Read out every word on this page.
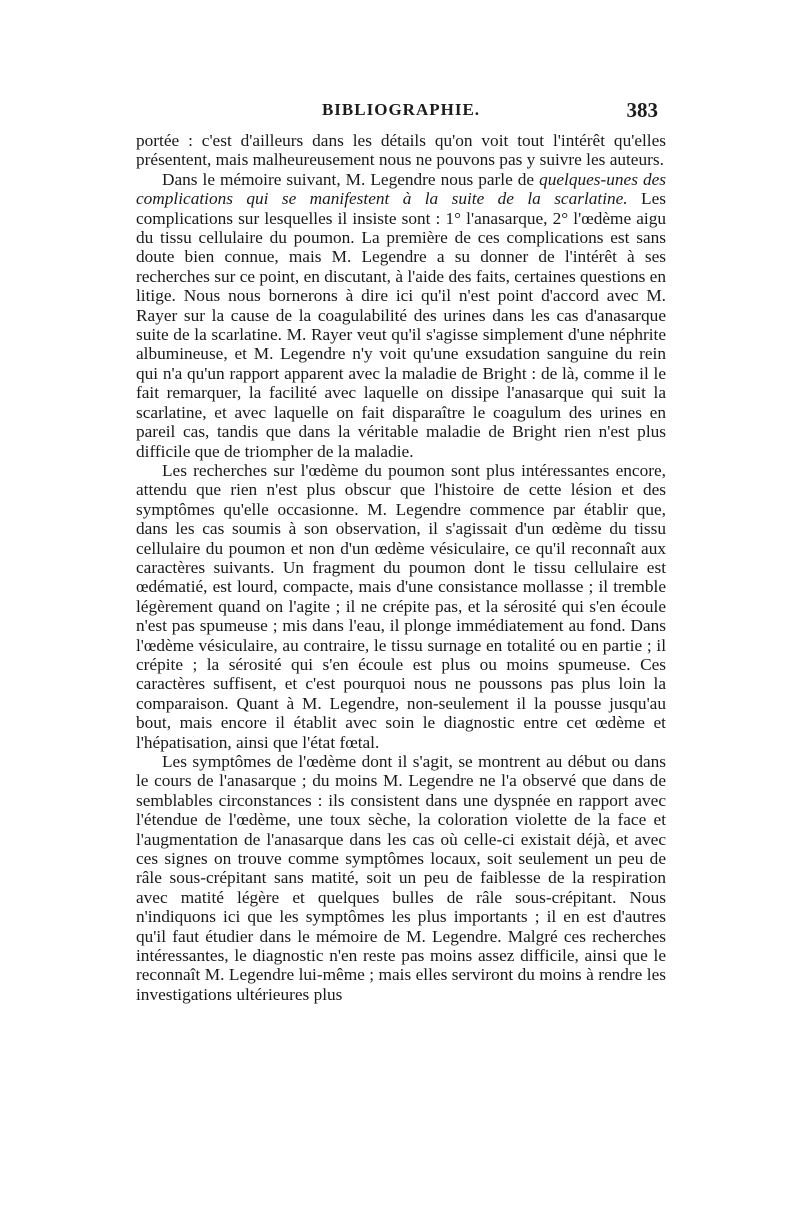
BIBLIOGRAPHIE.	383

portée : c'est d'ailleurs dans les détails qu'on voit tout l'intérêt qu'elles présentent, mais malheureusement nous ne pouvons pas y suivre les auteurs.

Dans le mémoire suivant, M. Legendre nous parle de quelques-unes des complications qui se manifestent à la suite de la scarlatine. Les complications sur lesquelles il insiste sont : 1° l'anasarque, 2° l'œdème aigu du tissu cellulaire du poumon. La première de ces complications est sans doute bien connue, mais M. Legendre a su donner de l'intérêt à ses recherches sur ce point, en discutant, à l'aide des faits, certaines questions en litige. Nous nous bornerons à dire ici qu'il n'est point d'accord avec M. Rayer sur la cause de la coagulabilité des urines dans les cas d'anasarque suite de la scarlatine. M. Rayer veut qu'il s'agisse simplement d'une néphrite albumineuse, et M. Legendre n'y voit qu'une exsudation sanguine du rein qui n'a qu'un rapport apparent avec la maladie de Bright : de là, comme il le fait remarquer, la facilité avec laquelle on dissipe l'anasarque qui suit la scarlatine, et avec laquelle on fait disparaître le coagulum des urines en pareil cas, tandis que dans la véritable maladie de Bright rien n'est plus difficile que de triompher de la maladie.

Les recherches sur l'œdème du poumon sont plus intéressantes encore, attendu que rien n'est plus obscur que l'histoire de cette lésion et des symptômes qu'elle occasionne. M. Legendre commence par établir que, dans les cas soumis à son observation, il s'agissait d'un œdème du tissu cellulaire du poumon et non d'un œdème vésiculaire, ce qu'il reconnaît aux caractères suivants. Un fragment du poumon dont le tissu cellulaire est œdématié, est lourd, compacte, mais d'une consistance mollasse ; il tremble légèrement quand on l'agite ; il ne crépite pas, et la sérosité qui s'en écoule n'est pas spumeuse ; mis dans l'eau, il plonge immédiatement au fond. Dans l'œdème vésiculaire, au contraire, le tissu surnage en totalité ou en partie ; il crépite ; la sérosité qui s'en écoule est plus ou moins spumeuse. Ces caractères suffisent, et c'est pourquoi nous ne poussons pas plus loin la comparaison. Quant à M. Legendre, non-seulement il la pousse jusqu'au bout, mais encore il établit avec soin le diagnostic entre cet œdème et l'hépatisation, ainsi que l'état fœtal.

Les symptômes de l'œdème dont il s'agit, se montrent au début ou dans le cours de l'anasarque ; du moins M. Legendre ne l'a observé que dans de semblables circonstances : ils consistent dans une dyspnée en rapport avec l'étendue de l'œdème, une toux sèche, la coloration violette de la face et l'augmentation de l'anasarque dans les cas où celle-ci existait déjà, et avec ces signes on trouve comme symptômes locaux, soit seulement un peu de râle sous-crépitant sans matité, soit un peu de faiblesse de la respiration avec matité légère et quelques bulles de râle sous-crépitant. Nous n'indiquons ici que les symptômes les plus importants ; il en est d'autres qu'il faut étudier dans le mémoire de M. Legendre. Malgré ces recherches intéressantes, le diagnostic n'en reste pas moins assez difficile, ainsi que le reconnaît M. Legendre lui-même ; mais elles serviront du moins à rendre les investigations ultérieures plus
